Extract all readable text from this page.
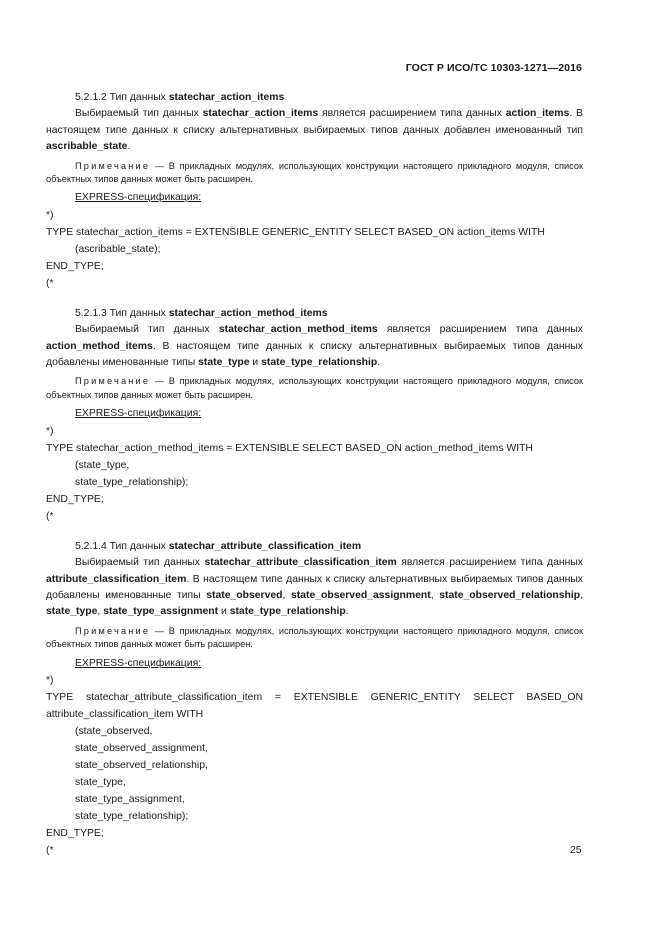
ГОСТ Р ИСО/ТС 10303-1271—2016
5.2.1.2 Тип данных statechar_action_items
Выбираемый тип данных statechar_action_items является расширением типа данных action_items. В настоящем типе данных к списку альтернативных выбираемых типов данных добавлен именованный тип ascribable_state.
Примечание — В прикладных модулях, использующих конструкции настоящего прикладного модуля, список объектных типов данных может быть расширен.
EXPRESS-спецификация:
*)
TYPE statechar_action_items = EXTENSIBLE GENERIC_ENTITY SELECT BASED_ON action_items WITH
(ascribable_state);
END_TYPE;
(*
5.2.1.3 Тип данных statechar_action_method_items
Выбираемый тип данных statechar_action_method_items является расширением типа данных action_method_items. В настоящем типе данных к списку альтернативных выбираемых типов данных добавлены именованные типы state_type и state_type_relationship.
Примечание — В прикладных модулях, использующих конструкции настоящего прикладного модуля, список объектных типов данных может быть расширен.
EXPRESS-спецификация:
*)
TYPE statechar_action_method_items = EXTENSIBLE SELECT BASED_ON action_method_items WITH
(state_type,
state_type_relationship);
END_TYPE;
(*
5.2.1.4 Тип данных statechar_attribute_classification_item
Выбираемый тип данных statechar_attribute_classification_item является расширением типа данных attribute_classification_item. В настоящем типе данных к списку альтернативных выбираемых типов данных добавлены именованные типы state_observed, state_observed_assignment, state_observed_relationship, state_type, state_type_assignment и state_type_relationship.
Примечание — В прикладных модулях, использующих конструкции настоящего прикладного модуля, список объектных типов данных может быть расширен.
EXPRESS-спецификация:
*)
TYPE statechar_attribute_classification_item = EXTENSIBLE GENERIC_ENTITY SELECT BASED_ON attribute_classification_item WITH
(state_observed,
state_observed_assignment,
state_observed_relationship,
state_type,
state_type_assignment,
state_type_relationship);
END_TYPE;
(*	25
